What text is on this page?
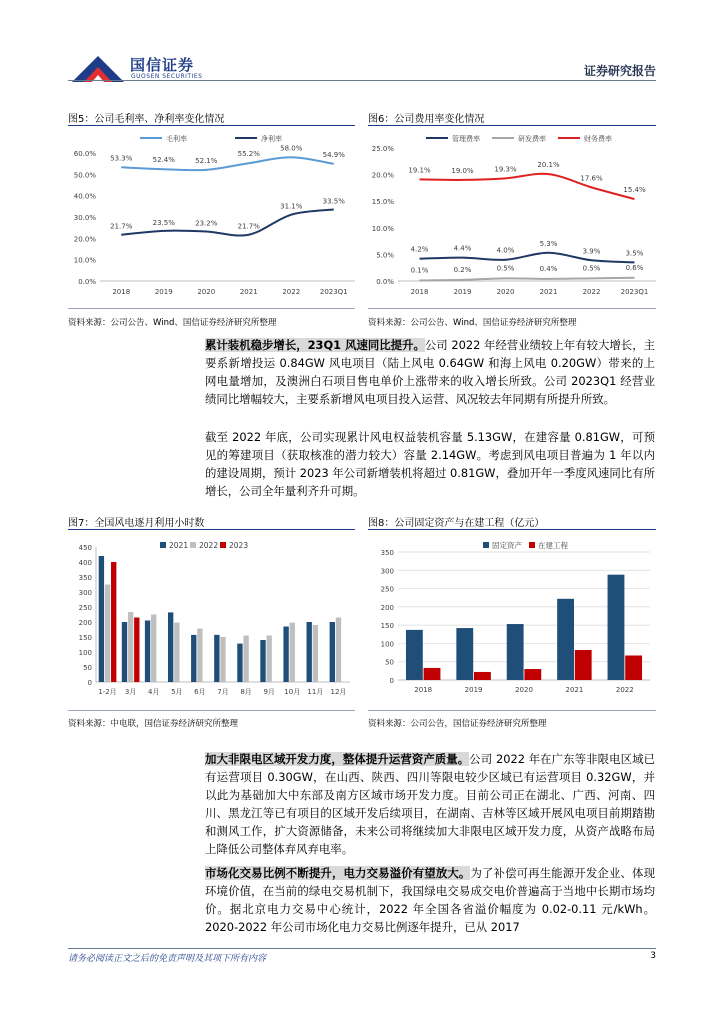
国信证券
GUOSEN SECURITIES	证券研究报告
图5：公司毛利率、净利率变化情况
0.0%
10.0%
20.0%
30.0%
40.0%
50.0%
60.0%
2018	2019	2020	2021	2022	2023Q1
毛利率	净利率
53.3%	52.4%	52.1%
55.2%
58.0%
54.9%
21.7%	23.5%	23.2%	21.7%
31.1%
33.5%
资料来源：公司公告、Wind、国信证券经济研究所整理
图6：公司费用率变化情况
0.0%
5.0%
10.0%
15.0%
20.0%
25.0%
2018	2019	2020	2021	2022	2023Q1
管理费率	研发费率	财务费率
4.2%	4.4%	4.0%
5.3%
3.9%	3.5%
0.1%	0.2%	0.5%	0.4%	0.5%	0.6%
19.1%	19.0%	19.3%
20.1%
17.6%
15.4%
资料来源：公司公告、Wind、国信证券经济研究所整理
累计装机稳步增长，23Q1 风速同比提升。公司 2022 年经营业绩较上年有较大增长，主要系新增投运 0.84GW 风电项目（陆上风电 0.64GW 和海上风电 0.20GW）带来的上网电量增加，及澳洲白石项目售电单价上涨带来的收入增长所致。公司 2023Q1 经营业绩同比增幅较大，主要系新增风电项目投入运营、风况较去年同期有所提升所致。
截至 2022 年底，公司实现累计风电权益装机容量 5.13GW，在建容量 0.81GW，可预见的筹建项目（获取核准的潜力较大）容量 2.14GW。考虑到风电项目普遍为 1 年以内的建设周期，预计 2023 年公司新增装机将超过 0.81GW，叠加开年一季度风速同比有所增长，公司全年量利齐升可期。
图7：全国风电逐月利用小时数
0
50
100
150
200
250
300
350
400
450
1-2月 3月 4月 5月 6月 7月 8月 9月 10月 11月 12月
2021 2022 2023
资料来源：中电联，国信证券经济研究所整理
图8：公司固定资产与在建工程（亿元）
0
50
100
150
200
250
300
350
2018	2019	2020	2021	2022
固定资产 在建工程
资料来源：公司公告，国信证券经济研究所整理
加大非限电区域开发力度，整体提升运营资产质量。公司 2022 年在广东等非限电区域已有运营项目 0.30GW，在山西、陕西、四川等限电较少区域已有运营项目 0.32GW，并以此为基础加大中东部及南方区域市场开发力度。目前公司正在湖北、广西、河南、四川、黑龙江等已有项目的区域开发后续项目，在湖南、吉林等区域开展风电项目前期踏勘和测风工作，扩大资源储备，未来公司将继续加大非限电区域开发力度，从资产战略布局上降低公司整体弃风弃电率。
市场化交易比例不断提升，电力交易溢价有望放大。为了补偿可再生能源开发企业、体现环境价值，在当前的绿电交易机制下，我国绿电交易成交电价普遍高于当地中长期市场均价。据北京电力交易中心统计，2022 年全国各省溢价幅度为 0.02-0.11 元/kWh。2020-2022 年公司市场化电力交易比例逐年提升，已从 2017
请务必阅读正文之后的免责声明及其项下所有内容	3
